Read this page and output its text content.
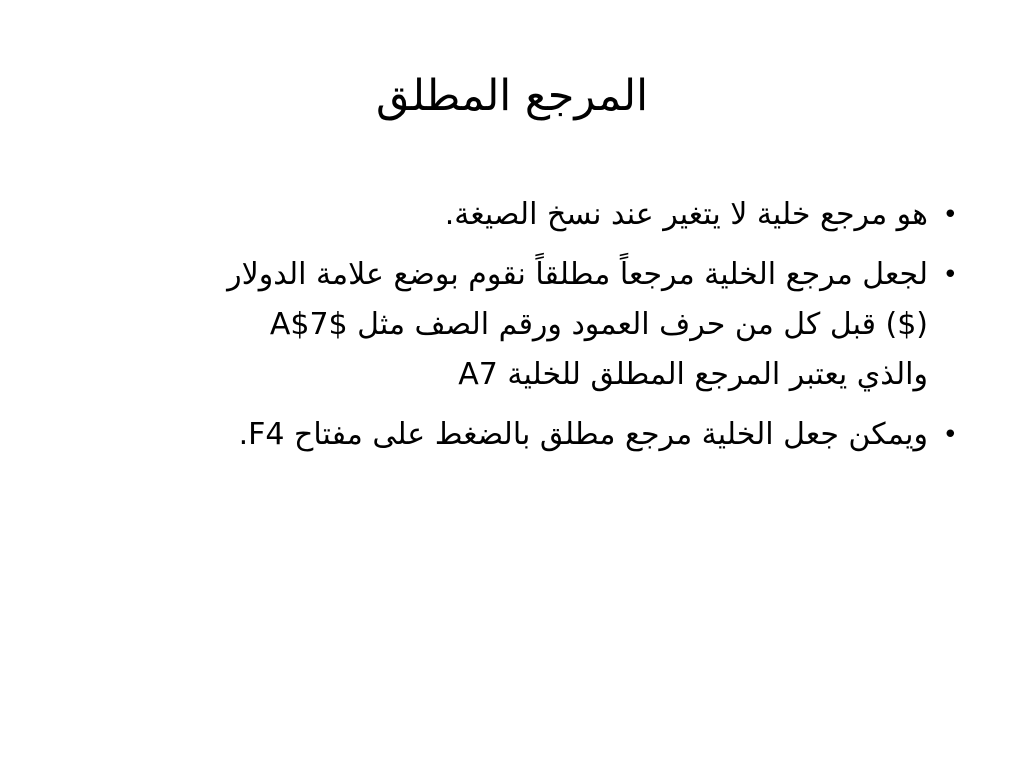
المرجع المطلق
•
هو مرجع خلية لا يتغير عند نسخ الصيغة.
•
لجعل مرجع الخلية مرجعاً مطلقاً نقوم بوضع علامة الدولار
($) قبل كل من حرف العمود ورقم الصف مثل $A$7
والذي يعتبر المرجع المطلق للخلية A7
•
ويمكن جعل الخلية مرجع مطلق بالضغط على مفتاح F4.
